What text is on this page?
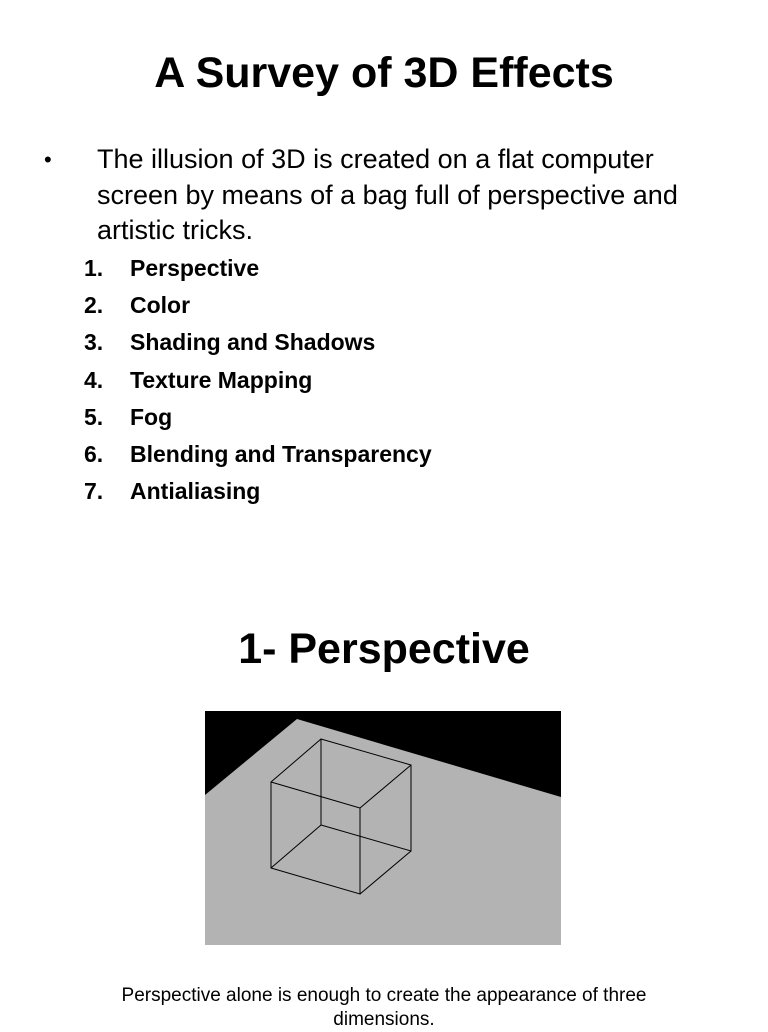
A Survey of 3D Effects
• The illusion of 3D is created on a flat computer screen by means of a bag full of perspective and artistic tricks.
1. Perspective
2. Color
3. Shading and Shadows
4. Texture Mapping
5. Fog
6. Blending and Transparency
7. Antialiasing
1- Perspective
Perspective alone is enough to create the appearance of three dimensions.
